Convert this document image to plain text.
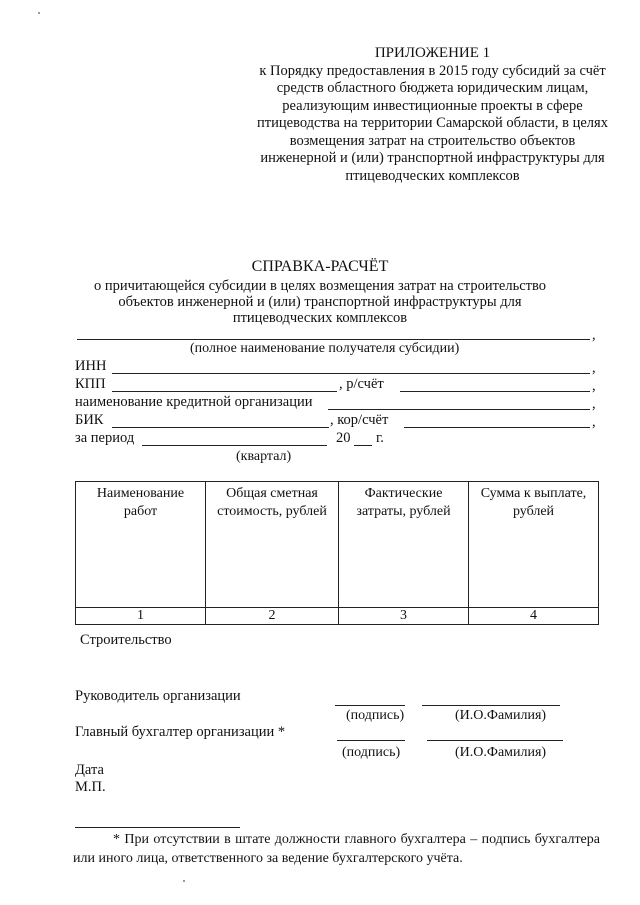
ПРИЛОЖЕНИЕ 1
к Порядку предоставления в 2015 году субсидий за счёт средств областного бюджета юридическим лицам, реализующим инвестиционные проекты в сфере птицеводства на территории Самарской области, в целях возмещения затрат на строительство объектов инженерной и (или) транспортной инфраструктуры для птицеводческих комплексов
СПРАВКА-РАСЧЁТ
о причитающейся субсидии в целях возмещения затрат на строительство объектов инженерной и (или) транспортной инфраструктуры для птицеводческих комплексов
,
(полное наименование получателя субсидии)
ИНН	,
КПП	, р/счёт	,
наименование кредитной организации	,
БИК	, кор/счёт	,
за период	20 г.
(квартал)
Наименование работ	Общая сметная стоимость, рублей	Фактические затраты, рублей	Сумма к выплате, рублей
1	2	3	4
Строительство
Руководитель организации
(подпись)	(И.О.Фамилия)
Главный бухгалтер организации *
(подпись)	(И.О.Фамилия)
Дата
М.П.
* При отсутствии в штате должности главного бухгалтера – подпись бухгалтера или иного лица, ответственного за ведение бухгалтерского учёта.
